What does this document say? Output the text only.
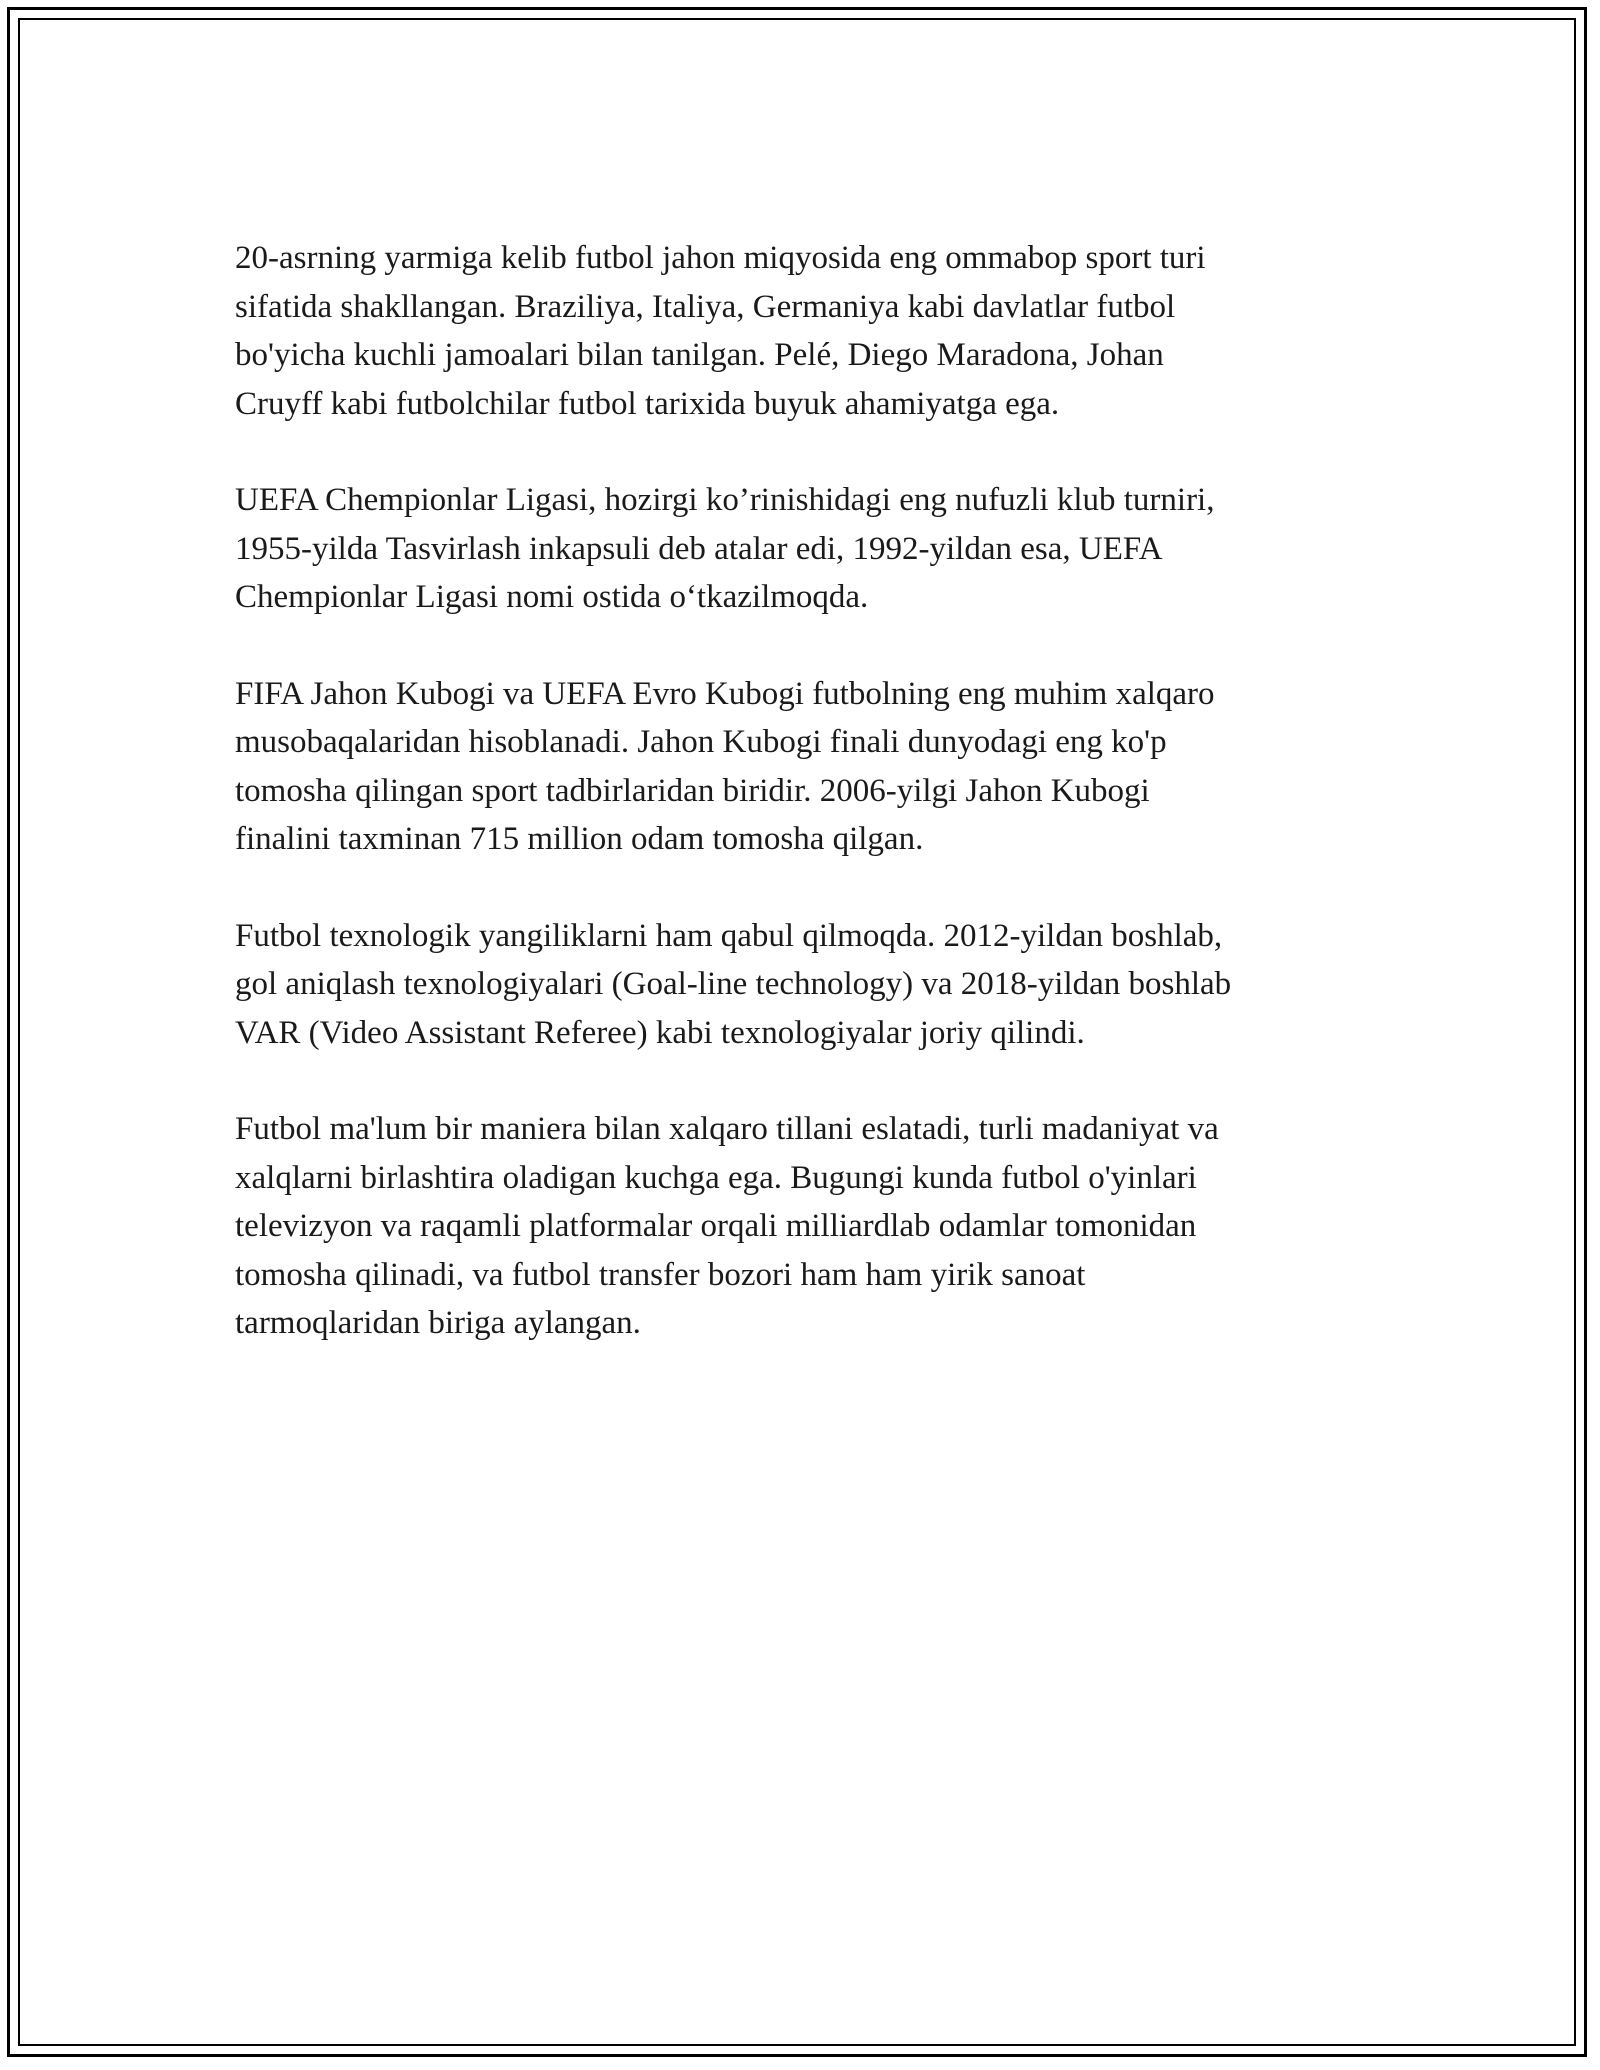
20-asrning yarmiga kelib futbol jahon miqyosida eng ommabop sport turi
sifatida shakllangan. Braziliya, Italiya, Germaniya kabi davlatlar futbol
bo'yicha kuchli jamoalari bilan tanilgan. Pelé, Diego Maradona, Johan
Cruyff kabi futbolchilar futbol tarixida buyuk ahamiyatga ega.

UEFA Chempionlar Ligasi, hozirgi ko’rinishidagi eng nufuzli klub turniri,
1955-yilda Tasvirlash inkapsuli deb atalar edi, 1992-yildan esa, UEFA
Chempionlar Ligasi nomi ostida o‘tkazilmoqda.

FIFA Jahon Kubogi va UEFA Evro Kubogi futbolning eng muhim xalqaro
musobaqalaridan hisoblanadi. Jahon Kubogi finali dunyodagi eng ko'p
tomosha qilingan sport tadbirlaridan biridir. 2006-yilgi Jahon Kubogi
finalini taxminan 715 million odam tomosha qilgan.

Futbol texnologik yangiliklarni ham qabul qilmoqda. 2012-yildan boshlab,
gol aniqlash texnologiyalari (Goal-line technology) va 2018-yildan boshlab
VAR (Video Assistant Referee) kabi texnologiyalar joriy qilindi.

Futbol ma'lum bir maniera bilan xalqaro tillani eslatadi, turli madaniyat va
xalqlarni birlashtira oladigan kuchga ega. Bugungi kunda futbol o'yinlari
televizyon va raqamli platformalar orqali milliardlab odamlar tomonidan
tomosha qilinadi, va futbol transfer bozori ham ham yirik sanoat
tarmoqlaridan biriga aylangan.
